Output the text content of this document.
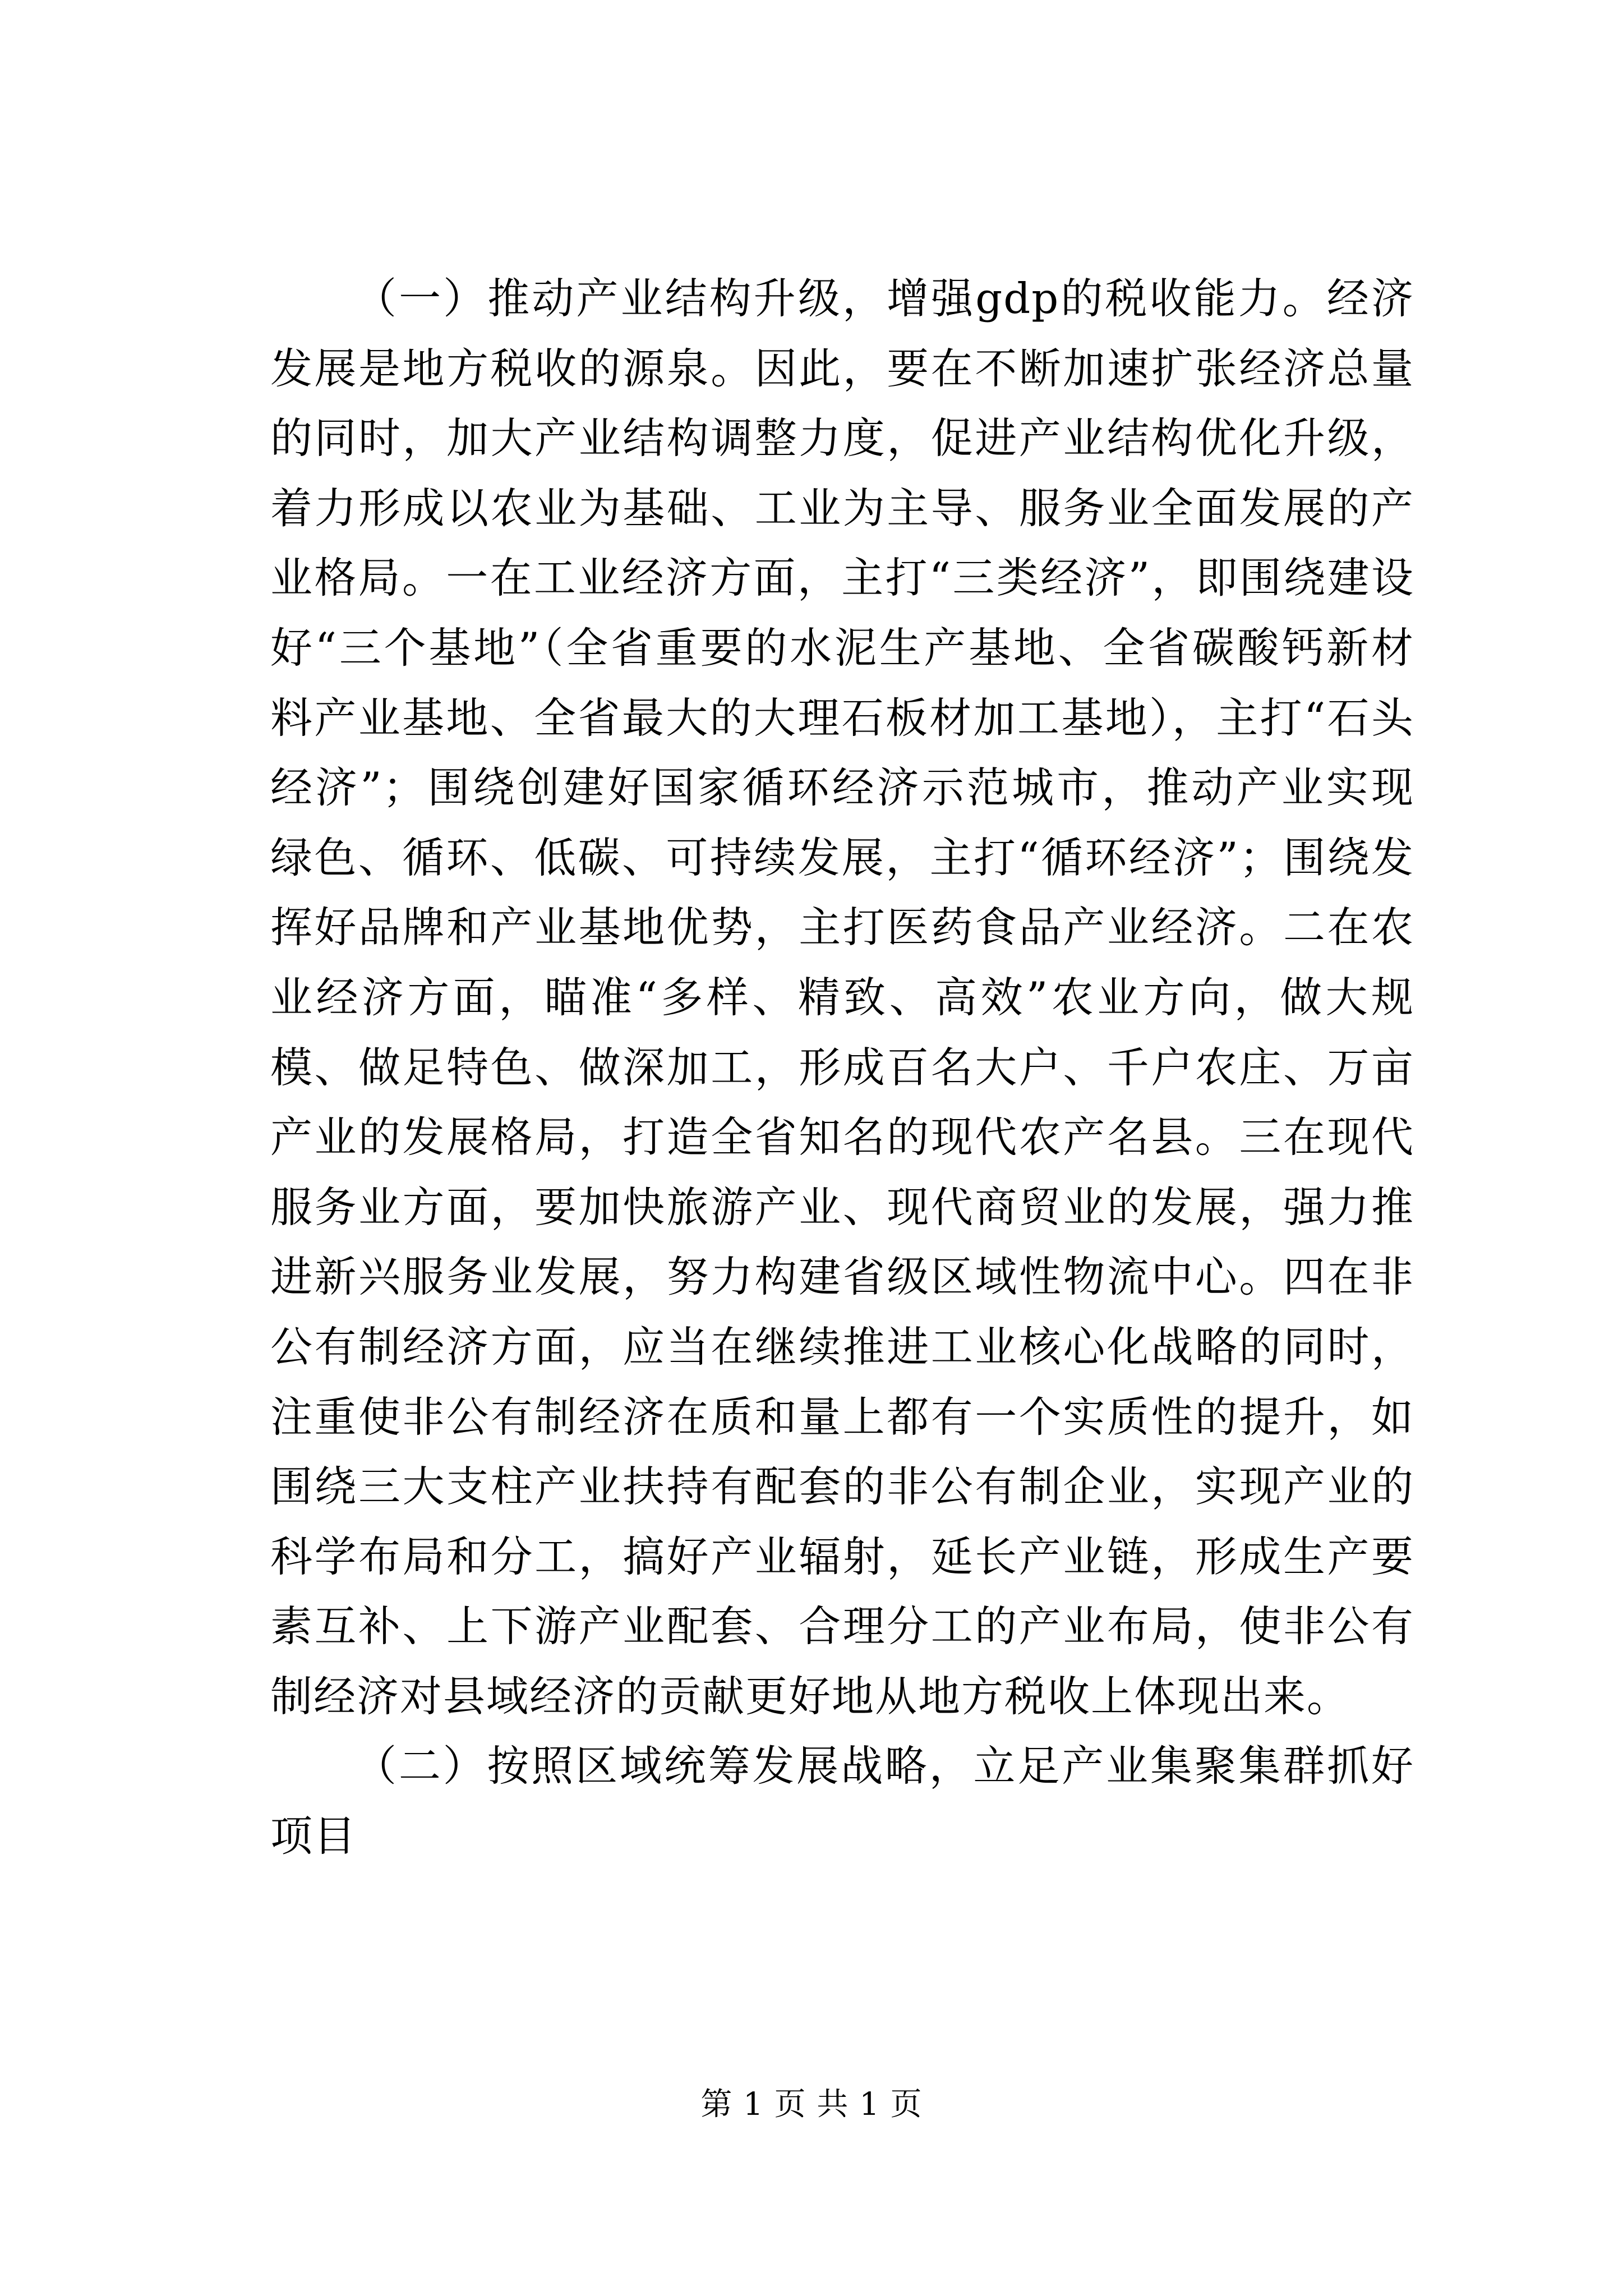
（一）推动产业结构升级，增强gdp的税收能力。经济发展是地方税收的源泉。因此，要在不断加速扩张经济总量的同时，加大产业结构调整力度，促进产业结构优化升级，着力形成以农业为基础、工业为主导、服务业全面发展的产业格局。一在工业经济方面，主打“三类经济”，即围绕建设好“三个基地”（全省重要的水泥生产基地、全省碳酸钙新材料产业基地、全省最大的大理石板材加工基地），主打“石头经济”；围绕创建好国家循环经济示范城市，推动产业实现绿色、循环、低碳、可持续发展，主打“循环经济”；围绕发挥好品牌和产业基地优势，主打医药食品产业经济。二在农业经济方面，瞄准“多样、精致、高效”农业方向，做大规模、做足特色、做深加工，形成百名大户、千户农庄、万亩产业的发展格局，打造全省知名的现代农产名县。三在现代服务业方面，要加快旅游产业、现代商贸业的发展，强力推进新兴服务业发展，努力构建省级区域性物流中心。四在非公有制经济方面，应当在继续推进工业核心化战略的同时，注重使非公有制经济在质和量上都有一个实质性的提升，如围绕三大支柱产业扶持有配套的非公有制企业，实现产业的科学布局和分工，搞好产业辐射，延长产业链，形成生产要素互补、上下游产业配套、合理分工的产业布局，使非公有制经济对县域经济的贡献更好地从地方税收上体现出来。

（二）按照区域统筹发展战略，立足产业集聚集群抓好项目

第 1 页 共 1 页
